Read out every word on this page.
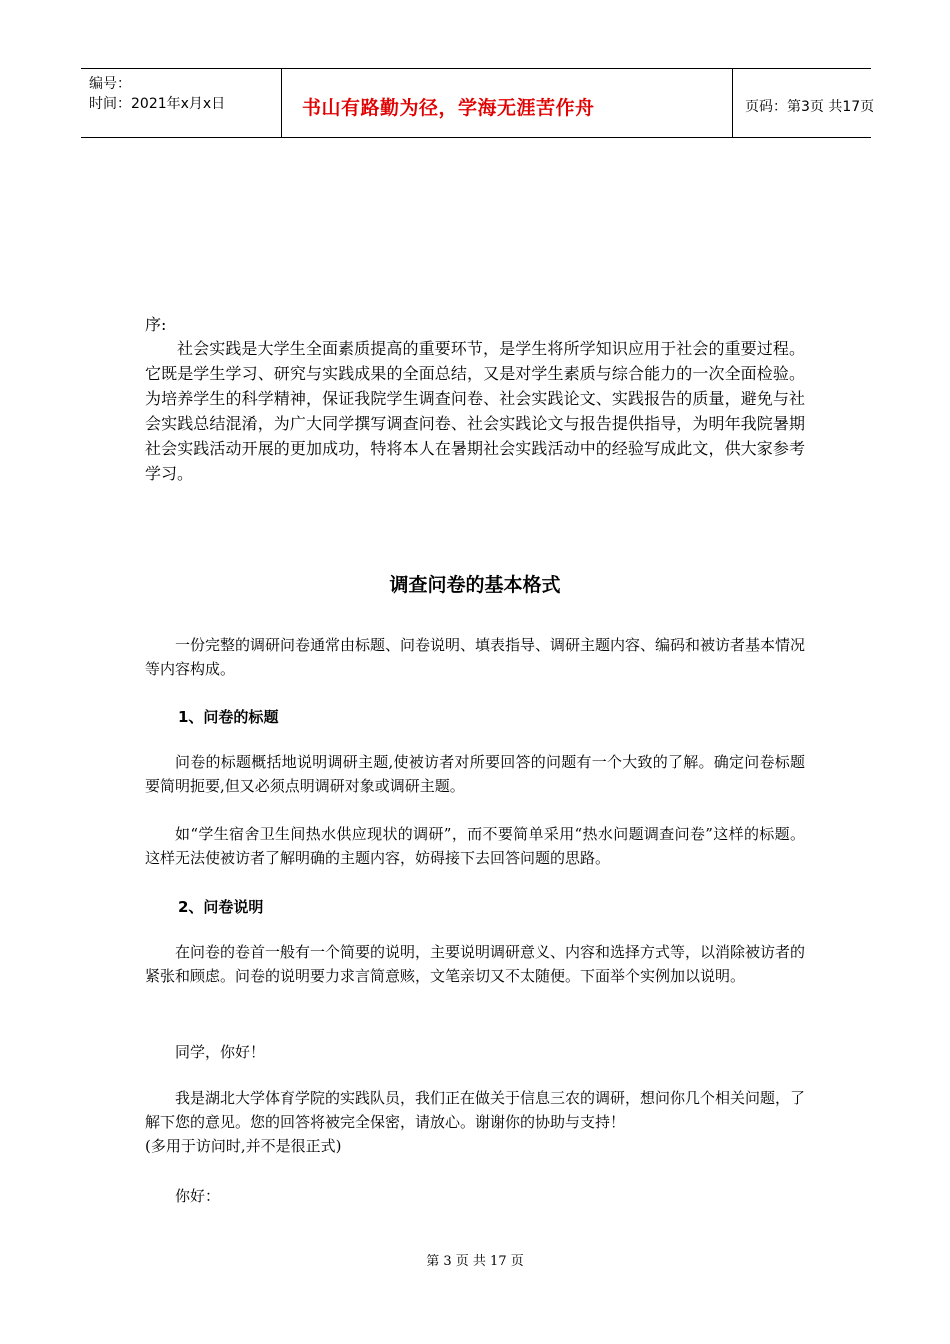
编号：
时间：2021年x月x日	书山有路勤为径，学海无涯苦作舟	页码：第3页 共17页
序:
社会实践是大学生全面素质提高的重要环节，是学生将所学知识应用于社会的重要过程。它既是学生学习、研究与实践成果的全面总结，又是对学生素质与综合能力的一次全面检验。为培养学生的科学精神，保证我院学生调查问卷、社会实践论文、实践报告的质量，避免与社会实践总结混淆，为广大同学撰写调查问卷、社会实践论文与报告提供指导，为明年我院暑期社会实践活动开展的更加成功，特将本人在暑期社会实践活动中的经验写成此文，供大家参考学习。
调查问卷的基本格式
一份完整的调研问卷通常由标题、问卷说明、填表指导、调研主题内容、编码和被访者基本情况等内容构成。
1、问卷的标题
问卷的标题概括地说明调研主题,使被访者对所要回答的问题有一个大致的了解。确定问卷标题要简明扼要,但又必须点明调研对象或调研主题。
如“学生宿舍卫生间热水供应现状的调研”，而不要简单采用“热水问题调查问卷”这样的标题。这样无法使被访者了解明确的主题内容，妨碍接下去回答问题的思路。
2、问卷说明
在问卷的卷首一般有一个简要的说明，主要说明调研意义、内容和选择方式等，以消除被访者的紧张和顾虑。问卷的说明要力求言简意赅，文笔亲切又不太随便。下面举个实例加以说明。
同学，你好！
我是湖北大学体育学院的实践队员，我们正在做关于信息三农的调研，想问你几个相关问题，了解下您的意见。您的回答将被完全保密，请放心。谢谢你的协助与支持！
(多用于访问时,并不是很正式)
你好：
第 3 页 共 17 页
